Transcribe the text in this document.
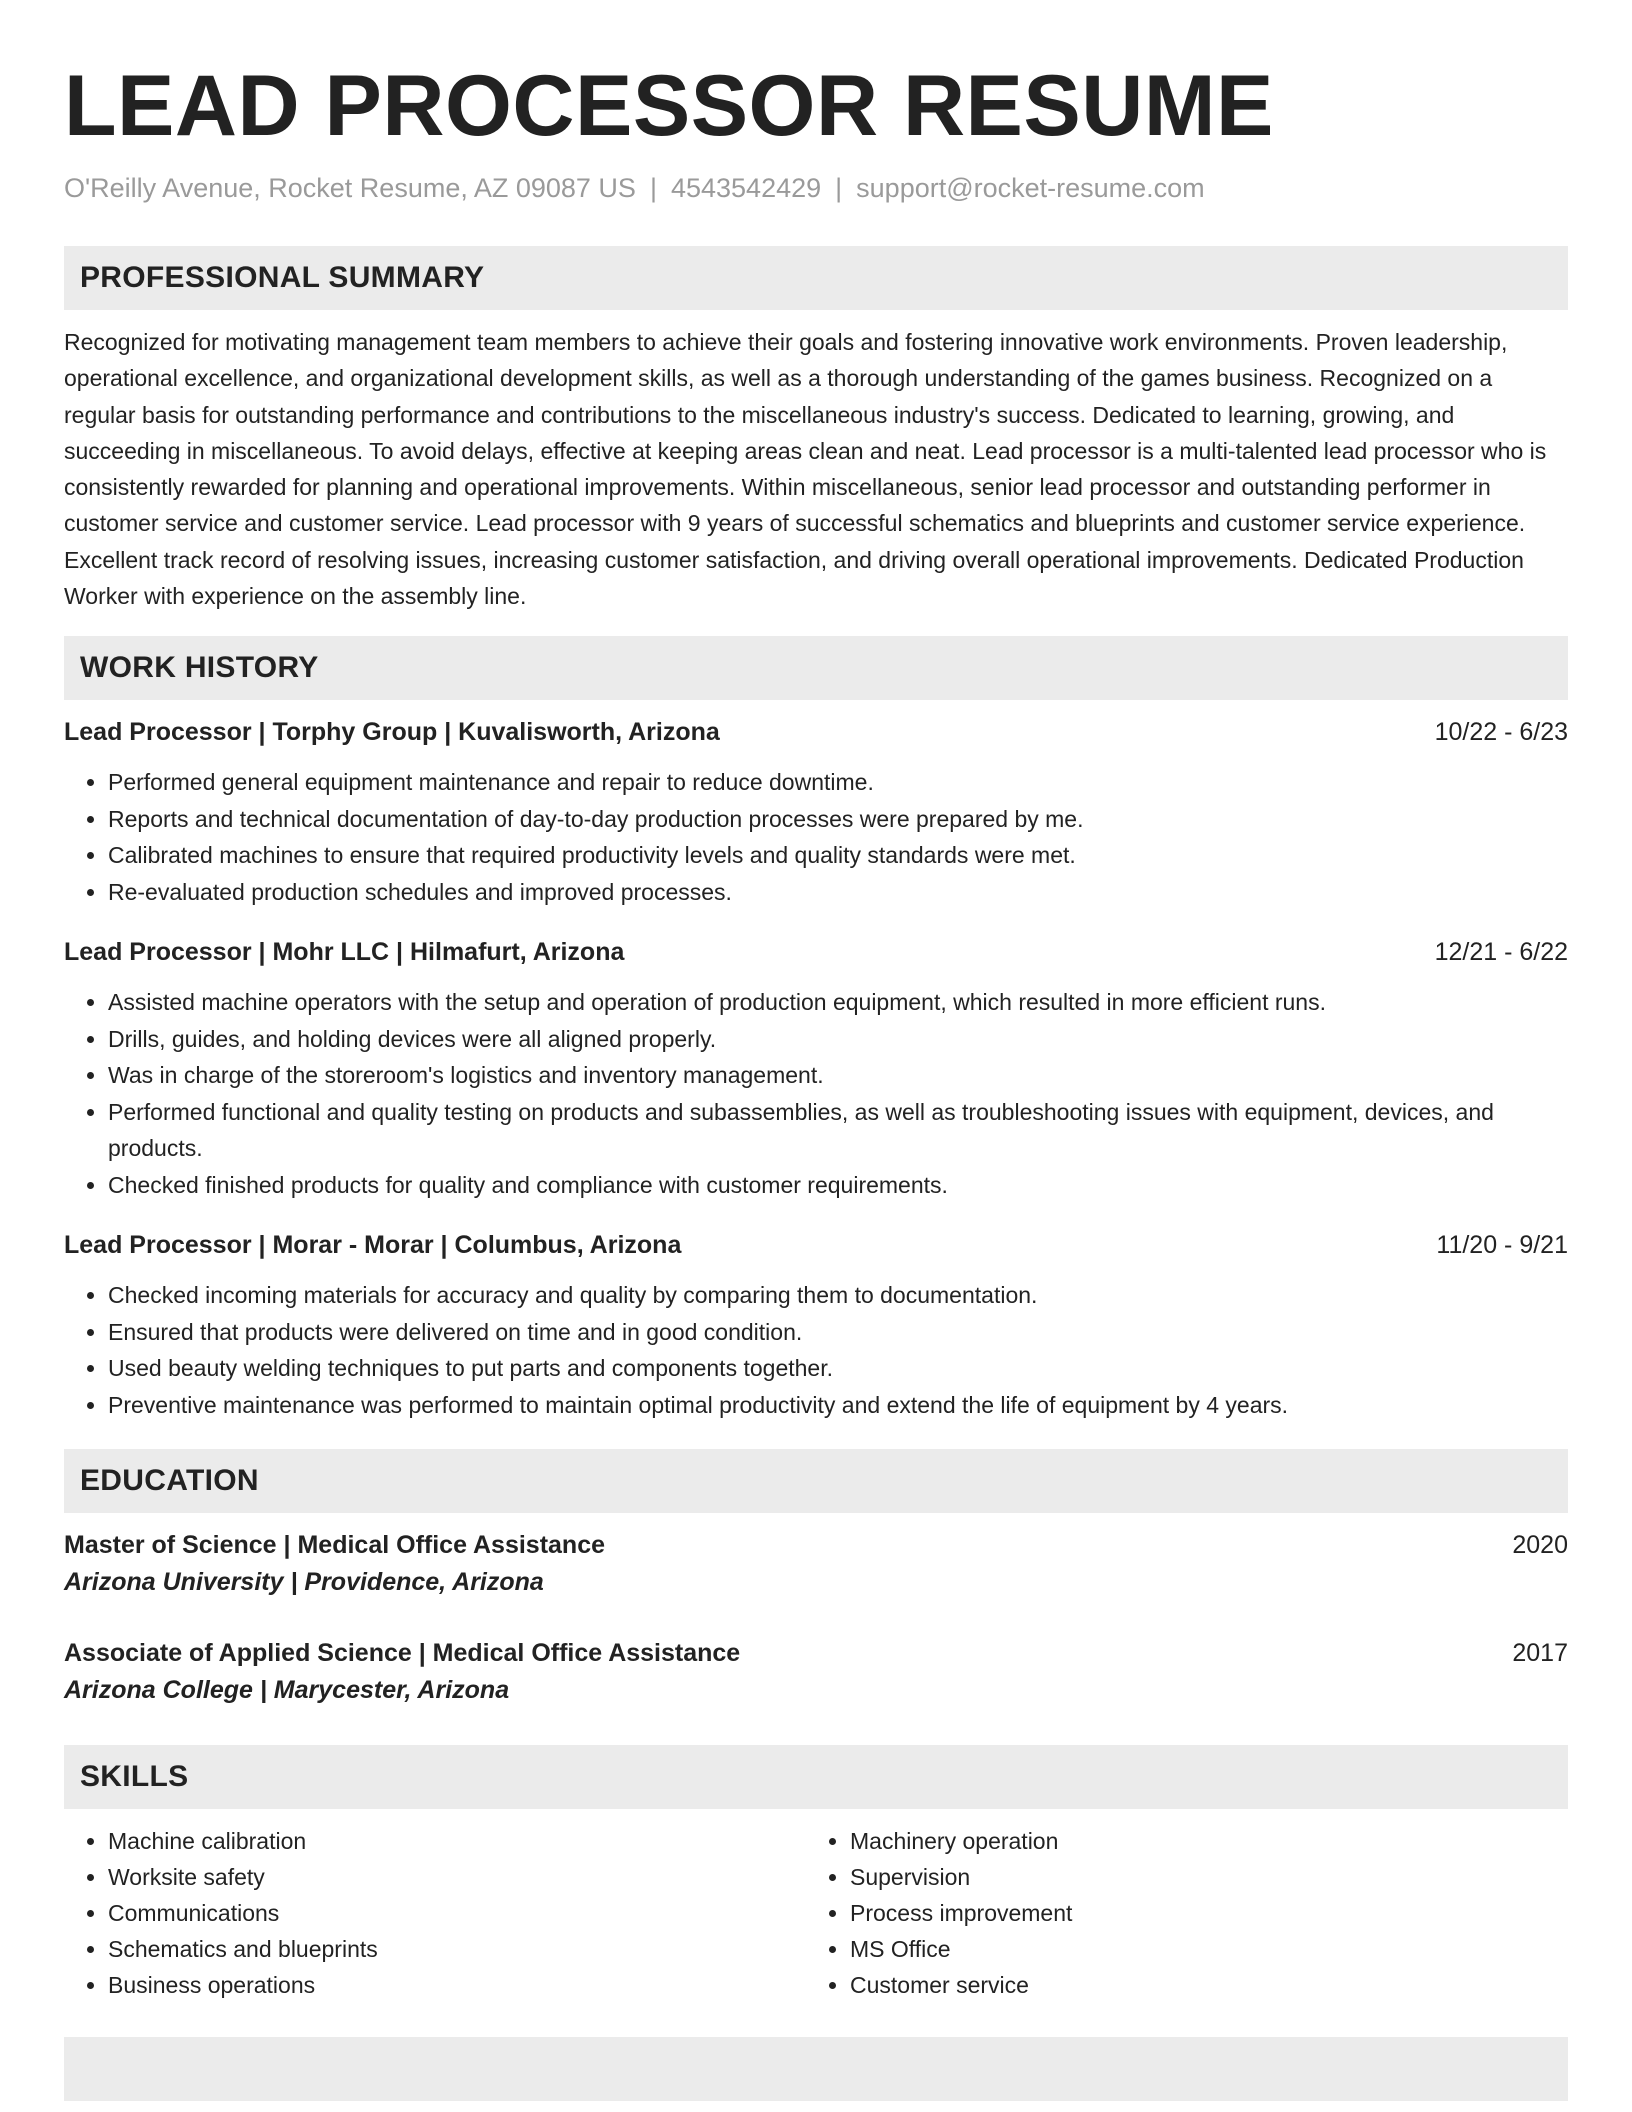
LEAD PROCESSOR RESUME
O'Reilly Avenue, Rocket Resume, AZ 09087 US | 4543542429 | support@rocket-resume.com
PROFESSIONAL SUMMARY

Recognized for motivating management team members to achieve their goals and fostering innovative work environments. Proven leadership, operational excellence, and organizational development skills, as well as a thorough understanding of the games business. Recognized on a regular basis for outstanding performance and contributions to the miscellaneous industry's success. Dedicated to learning, growing, and succeeding in miscellaneous. To avoid delays, effective at keeping areas clean and neat. Lead processor is a multi-talented lead processor who is consistently rewarded for planning and operational improvements. Within miscellaneous, senior lead processor and outstanding performer in customer service and customer service. Lead processor with 9 years of successful schematics and blueprints and customer service experience. Excellent track record of resolving issues, increasing customer satisfaction, and driving overall operational improvements. Dedicated Production Worker with experience on the assembly line.

WORK HISTORY
Lead Processor | Torphy Group | Kuvalisworth, Arizona	10/22 - 6/23
• Performed general equipment maintenance and repair to reduce downtime.
• Reports and technical documentation of day-to-day production processes were prepared by me.
• Calibrated machines to ensure that required productivity levels and quality standards were met.
• Re-evaluated production schedules and improved processes.
Lead Processor | Mohr LLC | Hilmafurt, Arizona	12/21 - 6/22
• Assisted machine operators with the setup and operation of production equipment, which resulted in more efficient runs.
• Drills, guides, and holding devices were all aligned properly.
• Was in charge of the storeroom's logistics and inventory management.
• Performed functional and quality testing on products and subassemblies, as well as troubleshooting issues with equipment, devices, and products.
• Checked finished products for quality and compliance with customer requirements.
Lead Processor | Morar - Morar | Columbus, Arizona	11/20 - 9/21
• Checked incoming materials for accuracy and quality by comparing them to documentation.
• Ensured that products were delivered on time and in good condition.
• Used beauty welding techniques to put parts and components together.
• Preventive maintenance was performed to maintain optimal productivity and extend the life of equipment by 4 years.
EDUCATION
Master of Science | Medical Office Assistance	2020
Arizona University | Providence, Arizona
Associate of Applied Science | Medical Office Assistance	2017
Arizona College | Marycester, Arizona
SKILLS
• Machine calibration
• Worksite safety
• Communications
• Schematics and blueprints
• Business operations
• Machinery operation
• Supervision
• Process improvement
• MS Office
• Customer service
